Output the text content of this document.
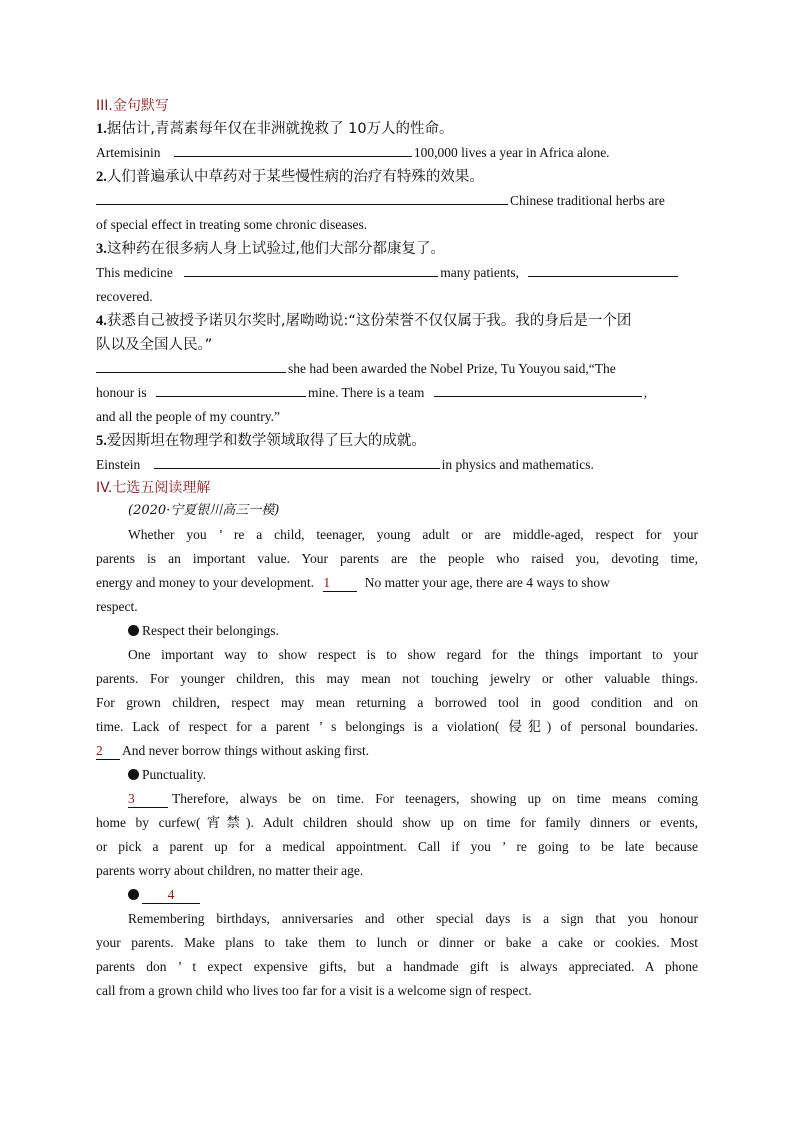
III.金句默写
1.据估计,青蒿素每年仅在非洲就挽救了 10万人的性命。
Artemisinin	100,000 lives a year in Africa alone.
2.人们普遍承认中草药对于某些慢性病的治疗有特殊的效果。
Chinese traditional herbs are
of special effect in treating some chronic diseases.
3.这种药在很多病人身上试验过,他们大部分都康复了。
This medicine	many patients,
recovered.
4.获悉自己被授予诺贝尔奖时,屠呦呦说:“这份荣誉不仅仅属于我。我的身后是一个团
队以及全国人民。”
she had been awarded the Nobel Prize, Tu Youyou said,“The
honour is	mine. There is a team	,
and all the people of my country.”
5.爱因斯坦在物理学和数学领域取得了巨大的成就。
Einstein	in physics and mathematics.
IV.七选五阅读理解
(2020·宁夏银川高三一模)
Whether you ’ re a child, teenager, young adult or are middle-aged, respect for your
parents is an important value. Your parents are the people who raised you, devoting time,
energy and money to your development. 1	No matter your age, there are 4 ways to show
respect.
Respect their belongings.
One important way to show respect is to show regard for the things important to your
parents. For younger children, this may mean not touching jewelry or other valuable things.
For grown children, respect may mean returning a borrowed tool in good condition and on
time. Lack of respect for a parent ’ s belongings is a violation( 侵犯) of personal boundaries.
2 And never borrow things without asking first.
Punctuality.
3	Therefore, always be on time. For teenagers, showing up on time means coming
home by curfew(宵禁). Adult children should show up on time for family dinners or events,
or pick a parent up for a medical appointment. Call if you ’ re going to be late because
parents worry about children, no matter their age.
4
Remembering birthdays, anniversaries and other special days is a sign that you honour
your parents. Make plans to take them to lunch or dinner or bake a cake or cookies. Most
parents don ’ t expect expensive gifts, but a handmade gift is always appreciated. A phone
call from a grown child who lives too far for a visit is a welcome sign of respect.
